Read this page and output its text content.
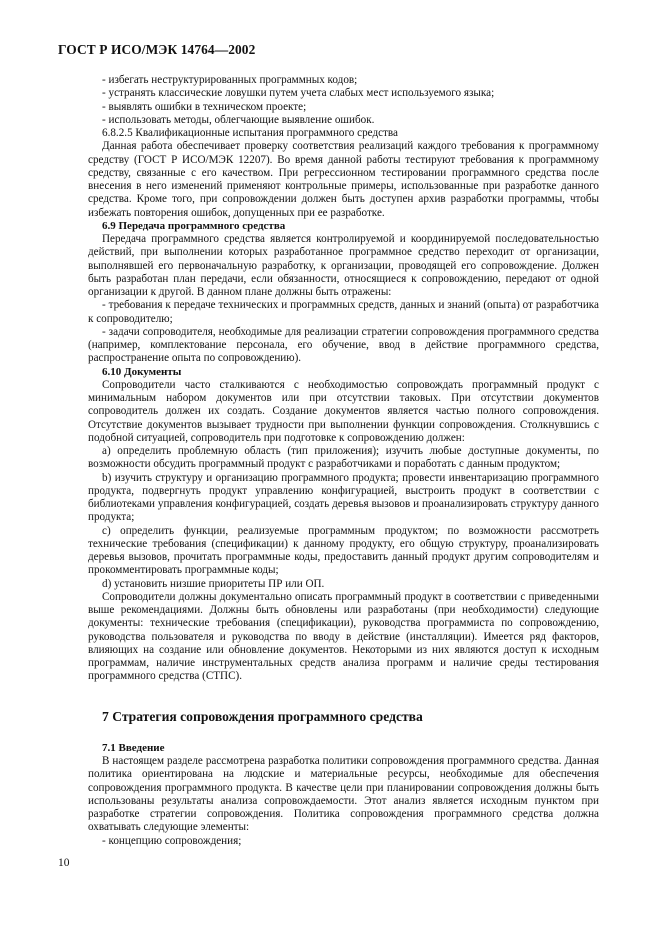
ГОСТ Р ИСО/МЭК 14764—2002

- избегать неструктурированных программных кодов;

- устранять классические ловушки путем учета слабых мест используемого языка;

- выявлять ошибки в техническом проекте;

- использовать методы, облегчающие выявление ошибок.

6.8.2.5 Квалификационные испытания программного средства

Данная работа обеспечивает проверку соответствия реализаций каждого требования к программному средству (ГОСТ Р ИСО/МЭК 12207). Во время данной работы тестируют требования к программному средству, связанные с его качеством. При регрессионном тестировании программного средства после внесения в него изменений применяют контрольные примеры, использованные при разработке данного средства. Кроме того, при сопровождении должен быть доступен архив разработки программы, чтобы избежать повторения ошибок, допущенных при ее разработке.

6.9 Передача программного средства

Передача программного средства является контролируемой и координируемой последовательностью действий, при выполнении которых разработанное программное средство переходит от организации, выполнявшей его первоначальную разработку, к организации, проводящей его сопровождение. Должен быть разработан план передачи, если обязанности, относящиеся к сопровождению, передают от одной организации к другой. В данном плане должны быть отражены:

- требования к передаче технических и программных средств, данных и знаний (опыта) от разработчика к сопроводителю;

- задачи сопроводителя, необходимые для реализации стратегии сопровождения программного средства (например, комплектование персонала, его обучение, ввод в действие программного средства, распространение опыта по сопровождению).

6.10 Документы

Сопроводители часто сталкиваются с необходимостью сопровождать программный продукт с минимальным набором документов или при отсутствии таковых. При отсутствии документов сопроводитель должен их создать. Создание документов является частью полного сопровождения. Отсутствие документов вызывает трудности при выполнении функции сопровождения. Столкнувшись с подобной ситуацией, сопроводитель при подготовке к сопровождению должен:

а) определить проблемную область (тип приложения); изучить любые доступные документы, по возможности обсудить программный продукт с разработчиками и поработать с данным продуктом;

b) изучить структуру и организацию программного продукта; провести инвентаризацию программного продукта, подвергнуть продукт управлению конфигурацией, выстроить продукт в соответствии с библиотеками управления конфигурацией, создать деревья вызовов и проанализировать структуру данного продукта;

c) определить функции, реализуемые программным продуктом; по возможности рассмотреть технические требования (спецификации) к данному продукту, его общую структуру, проанализировать деревья вызовов, прочитать программные коды, предоставить данный продукт другим сопроводителям и прокомментировать программные коды;

d) установить низшие приоритеты ПР или ОП.

Сопроводители должны документально описать программный продукт в соответствии с приведенными выше рекомендациями. Должны быть обновлены или разработаны (при необходимости) следующие документы: технические требования (спецификации), руководства программиста по сопровождению, руководства пользователя и руководства по вводу в действие (инсталляции). Имеется ряд факторов, влияющих на создание или обновление документов. Некоторыми из них являются доступ к исходным программам, наличие инструментальных средств анализа программ и наличие среды тестирования программного средства (СТПС).

7 Стратегия сопровождения программного средства

7.1 Введение

В настоящем разделе рассмотрена разработка политики сопровождения программного средства. Данная политика ориентирована на людские и материальные ресурсы, необходимые для обеспечения сопровождения программного продукта. В качестве цели при планировании сопровождения должны быть использованы результаты анализа сопровождаемости. Этот анализ является исходным пунктом при разработке стратегии сопровождения. Политика сопровождения программного средства должна охватывать следующие элементы:

- концепцию сопровождения;

10
